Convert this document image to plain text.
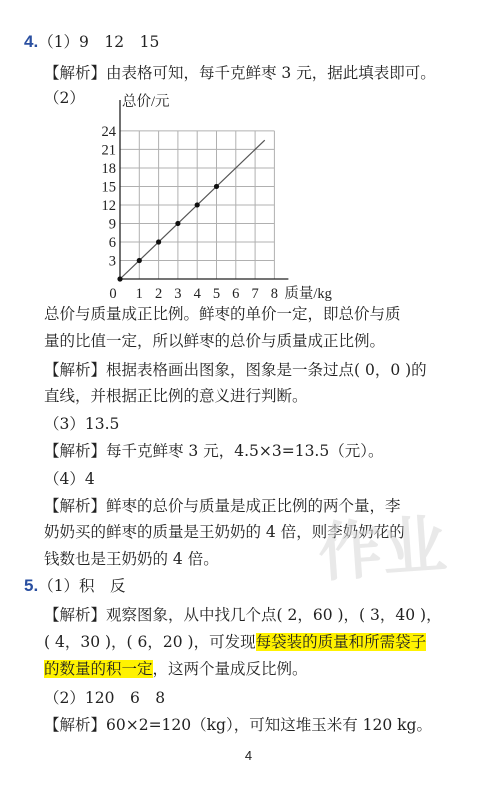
4.（1）9　12　15
【解析】由表格可知，每千克鲜枣 3 元，据此填表即可。
（2）
3
6
9
12
15
18
21
24
0 1 2 3 4 5 6 7 8
总价/元
质量/kg
总价与质量成正比例。鲜枣的单价一定，即总价与质
量的比值一定，所以鲜枣的总价与质量成正比例。
【解析】根据表格画出图象，图象是一条过点( 0，0 )的
直线，并根据正比例的意义进行判断。
（3）13.5
【解析】每千克鲜枣 3 元，4.5×3=13.5（元）。
（4）4
【解析】鲜枣的总价与质量是成正比例的两个量，李
奶奶买的鲜枣的质量是王奶奶的 4 倍，则李奶奶花的
钱数也是王奶奶的 4 倍。 作业
5.（1）积　反
【解析】观察图象，从中找几个点( 2，60 )，( 3，40 )，
( 4，30 )，( 6，20 )，可发现每袋装的质量和所需袋子
的数量的积一定，这两个量成反比例。
（2）120　6　8
【解析】60×2=120（kg），可知这堆玉米有 120 kg。
4
